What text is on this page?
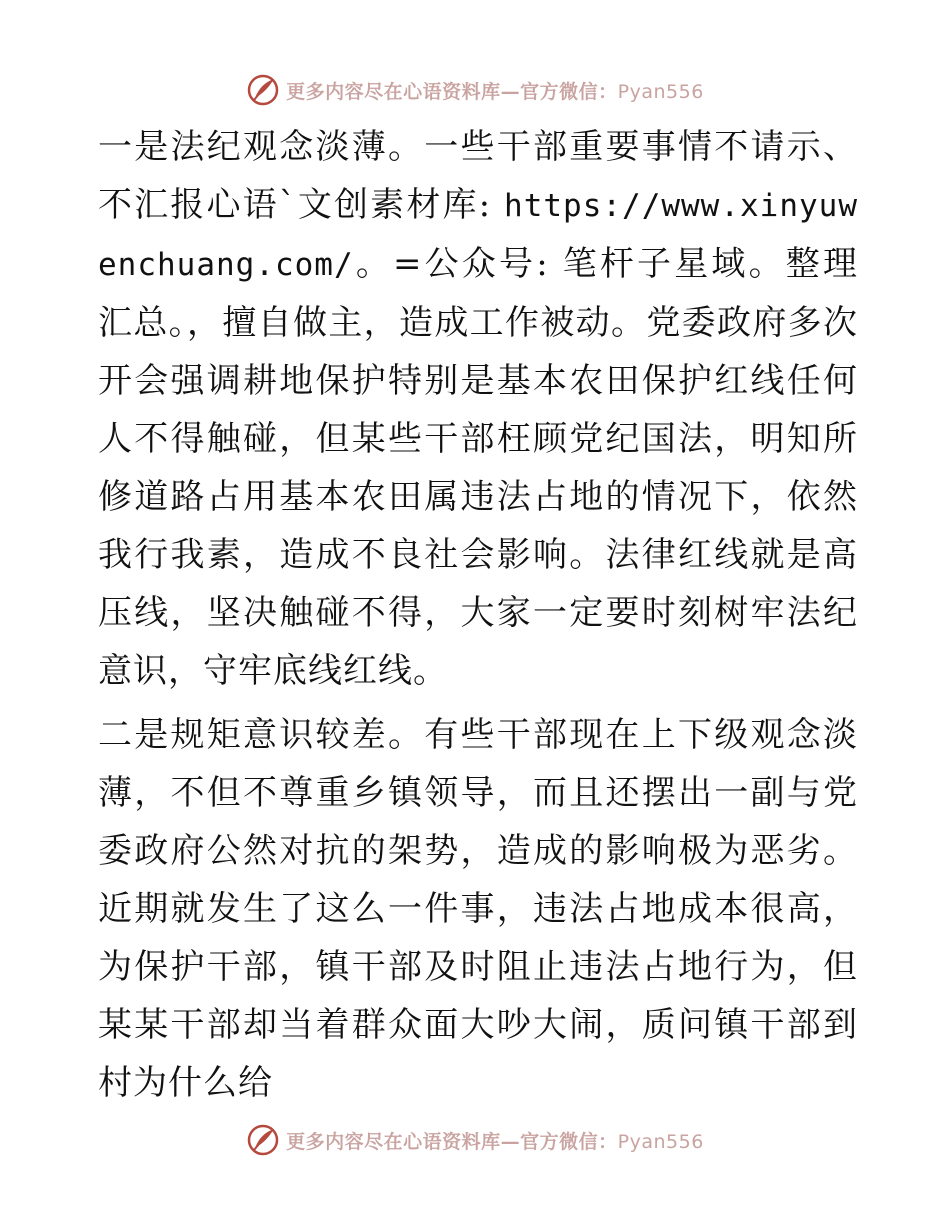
更多内容尽在心语资料库—官方微信：Pyan556

一是法纪观念淡薄。一些干部重要事情不请示、不汇报心语`文创素材库: https://www.xinyuwenchuang.com/。=公众号: 笔杆子星域。整理汇总。，擅自做主，造成工作被动。党委政府多次开会强调耕地保护特别是基本农田保护红线任何人不得触碰，但某些干部枉顾党纪国法，明知所修道路占用基本农田属违法占地的情况下，依然我行我素，造成不良社会影响。法律红线就是高压线，坚决触碰不得，大家一定要时刻树牢法纪意识，守牢底线红线。

二是规矩意识较差。有些干部现在上下级观念淡薄，不但不尊重乡镇领导，而且还摆出一副与党委政府公然对抗的架势，造成的影响极为恶劣。近期就发生了这么一件事，违法占地成本很高，为保护干部，镇干部及时阻止违法占地行为，但某某干部却当着群众面大吵大闹，质问镇干部到村为什么给

更多内容尽在心语资料库—官方微信：Pyan556
